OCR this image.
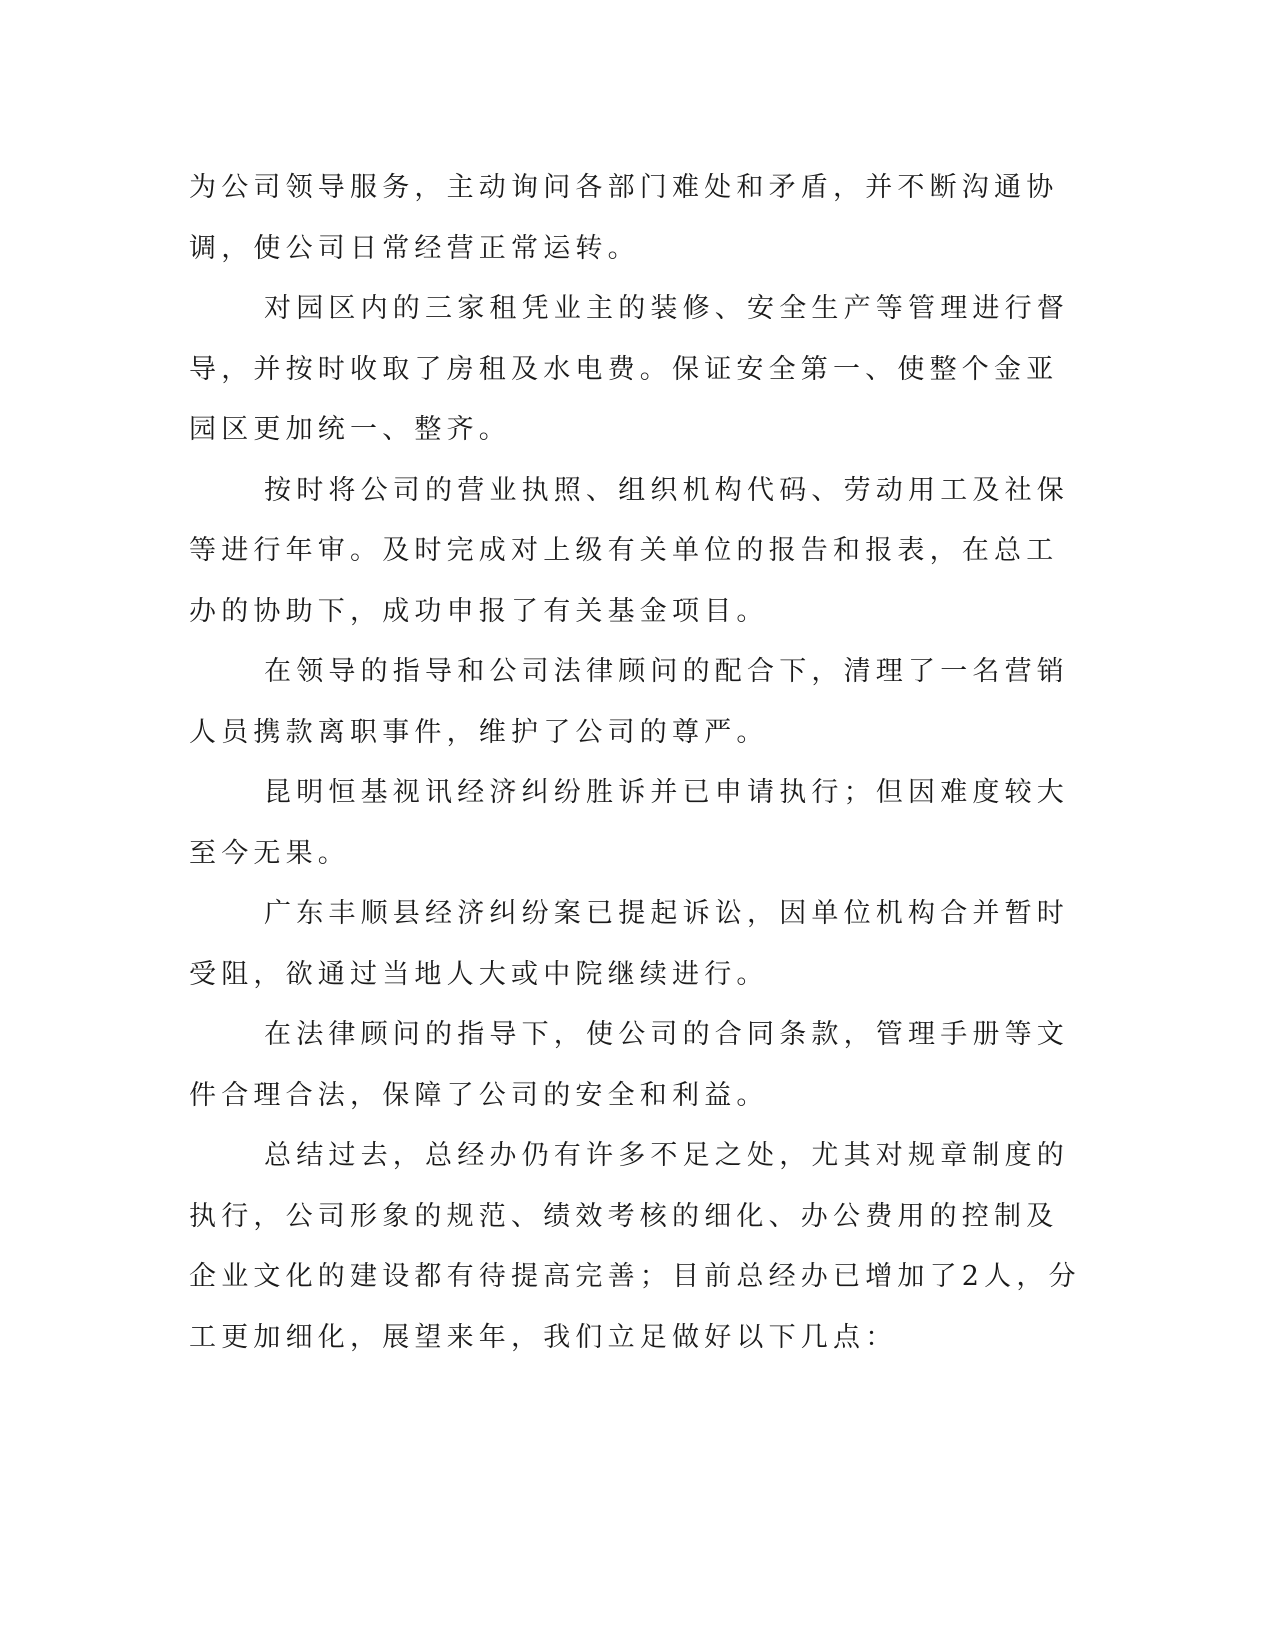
为公司领导服务，主动询问各部门难处和矛盾，并不断沟通协调，使公司日常经营正常运转。

对园区内的三家租凭业主的装修、安全生产等管理进行督导，并按时收取了房租及水电费。保证安全第一、使整个金亚园区更加统一、整齐。

按时将公司的营业执照、组织机构代码、劳动用工及社保等进行年审。及时完成对上级有关单位的报告和报表，在总工办的协助下，成功申报了有关基金项目。

在领导的指导和公司法律顾问的配合下，清理了一名营销人员携款离职事件，维护了公司的尊严。

昆明恒基视讯经济纠纷胜诉并已申请执行；但因难度较大至今无果。

广东丰顺县经济纠纷案已提起诉讼，因单位机构合并暂时受阻，欲通过当地人大或中院继续进行。

在法律顾问的指导下，使公司的合同条款，管理手册等文件合理合法，保障了公司的安全和利益。

总结过去，总经办仍有许多不足之处，尤其对规章制度的执行，公司形象的规范、绩效考核的细化、办公费用的控制及企业文化的建设都有待提高完善；目前总经办已增加了2人，分工更加细化，展望来年，我们立足做好以下几点：
